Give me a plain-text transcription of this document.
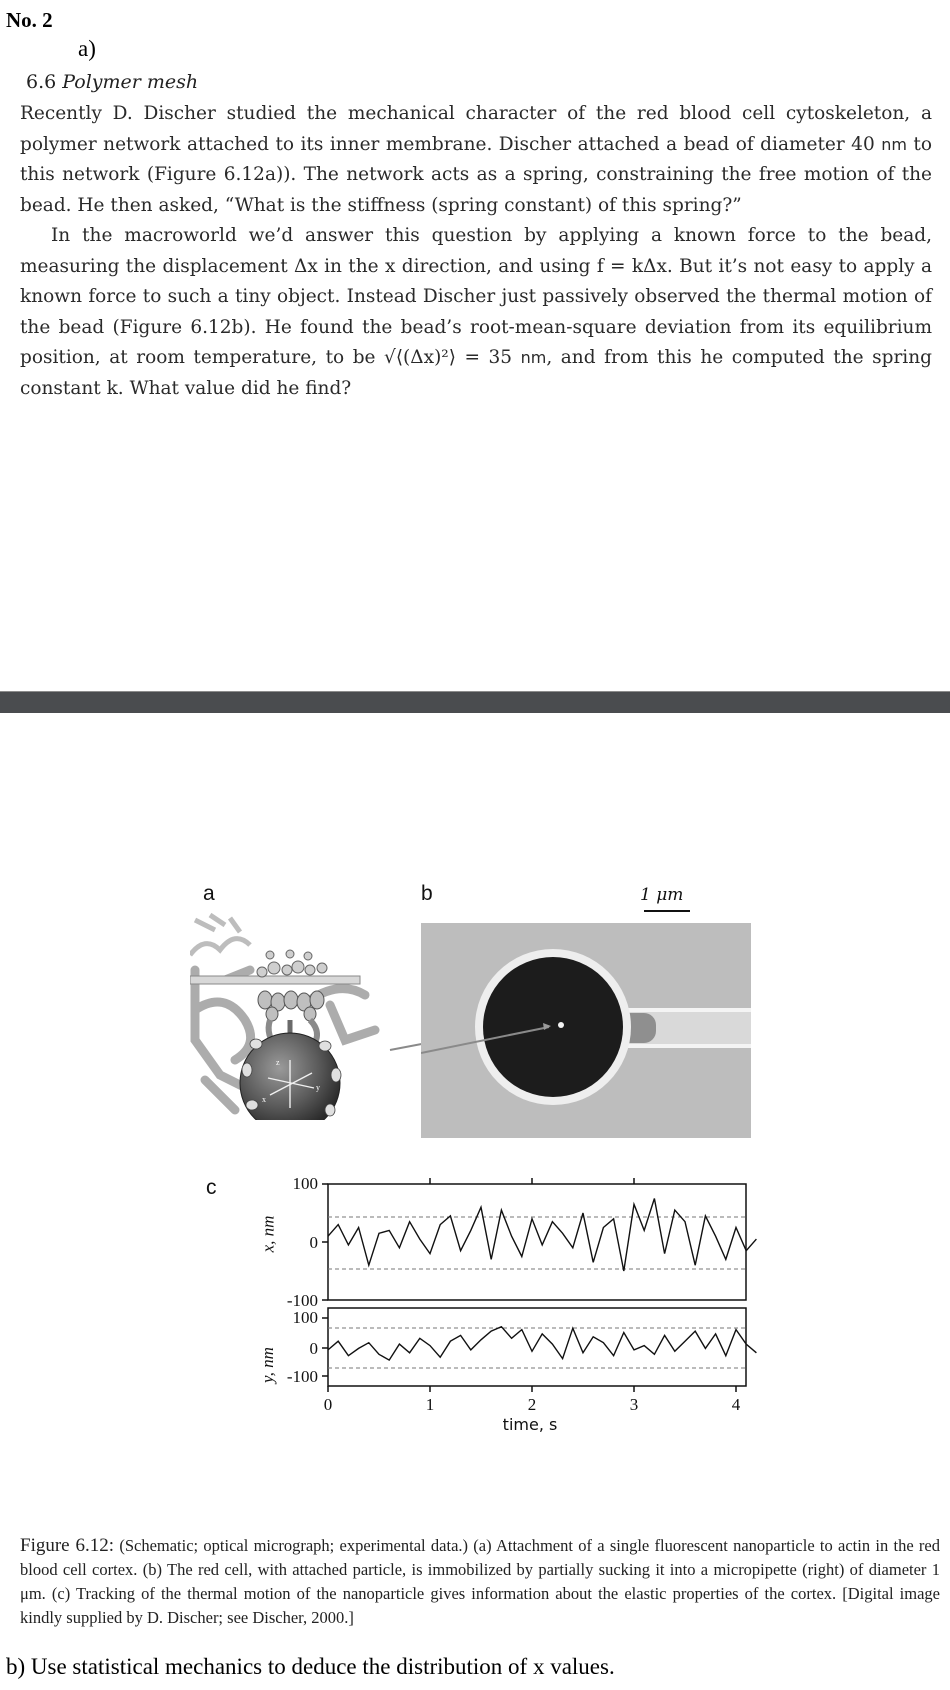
No. 2
a)
6.6 Polymer mesh

Recently D. Discher studied the mechanical character of the red blood cell cytoskeleton, a polymer network attached to its inner membrane. Discher attached a bead of diameter 40 nm to this network (Figure 6.12a)). The network acts as a spring, constraining the free motion of the bead. He then asked, “What is the stiffness (spring constant) of this spring?”

In the macroworld we’d answer this question by applying a known force to the bead, measuring the displacement Δx in the x direction, and using f = kΔx. But it’s not easy to apply a known force to such a tiny object. Instead Discher just passively observed the thermal motion of the bead (Figure 6.12b). He found the bead’s root-mean-square deviation from its equilibrium position, at room temperature, to be √⟨(Δx)²⟩ = 35 nm, and from this he computed the spring constant k. What value did he find?

a	b
c
1 μm
z
x
y
x, nm
y, nm
100
0
-100
100
0
-100
0	1	2	3	4
time, s

Figure 6.12: (Schematic; optical micrograph; experimental data.) (a) Attachment of a single fluorescent nanoparticle to actin in the red blood cell cortex. (b) The red cell, with attached particle, is immobilized by partially sucking it into a micropipette (right) of diameter 1 μm. (c) Tracking of the thermal motion of the nanoparticle gives information about the elastic properties of the cortex. [Digital image kindly supplied by D. Discher; see Discher, 2000.]

b) Use statistical mechanics to deduce the distribution of x values.
